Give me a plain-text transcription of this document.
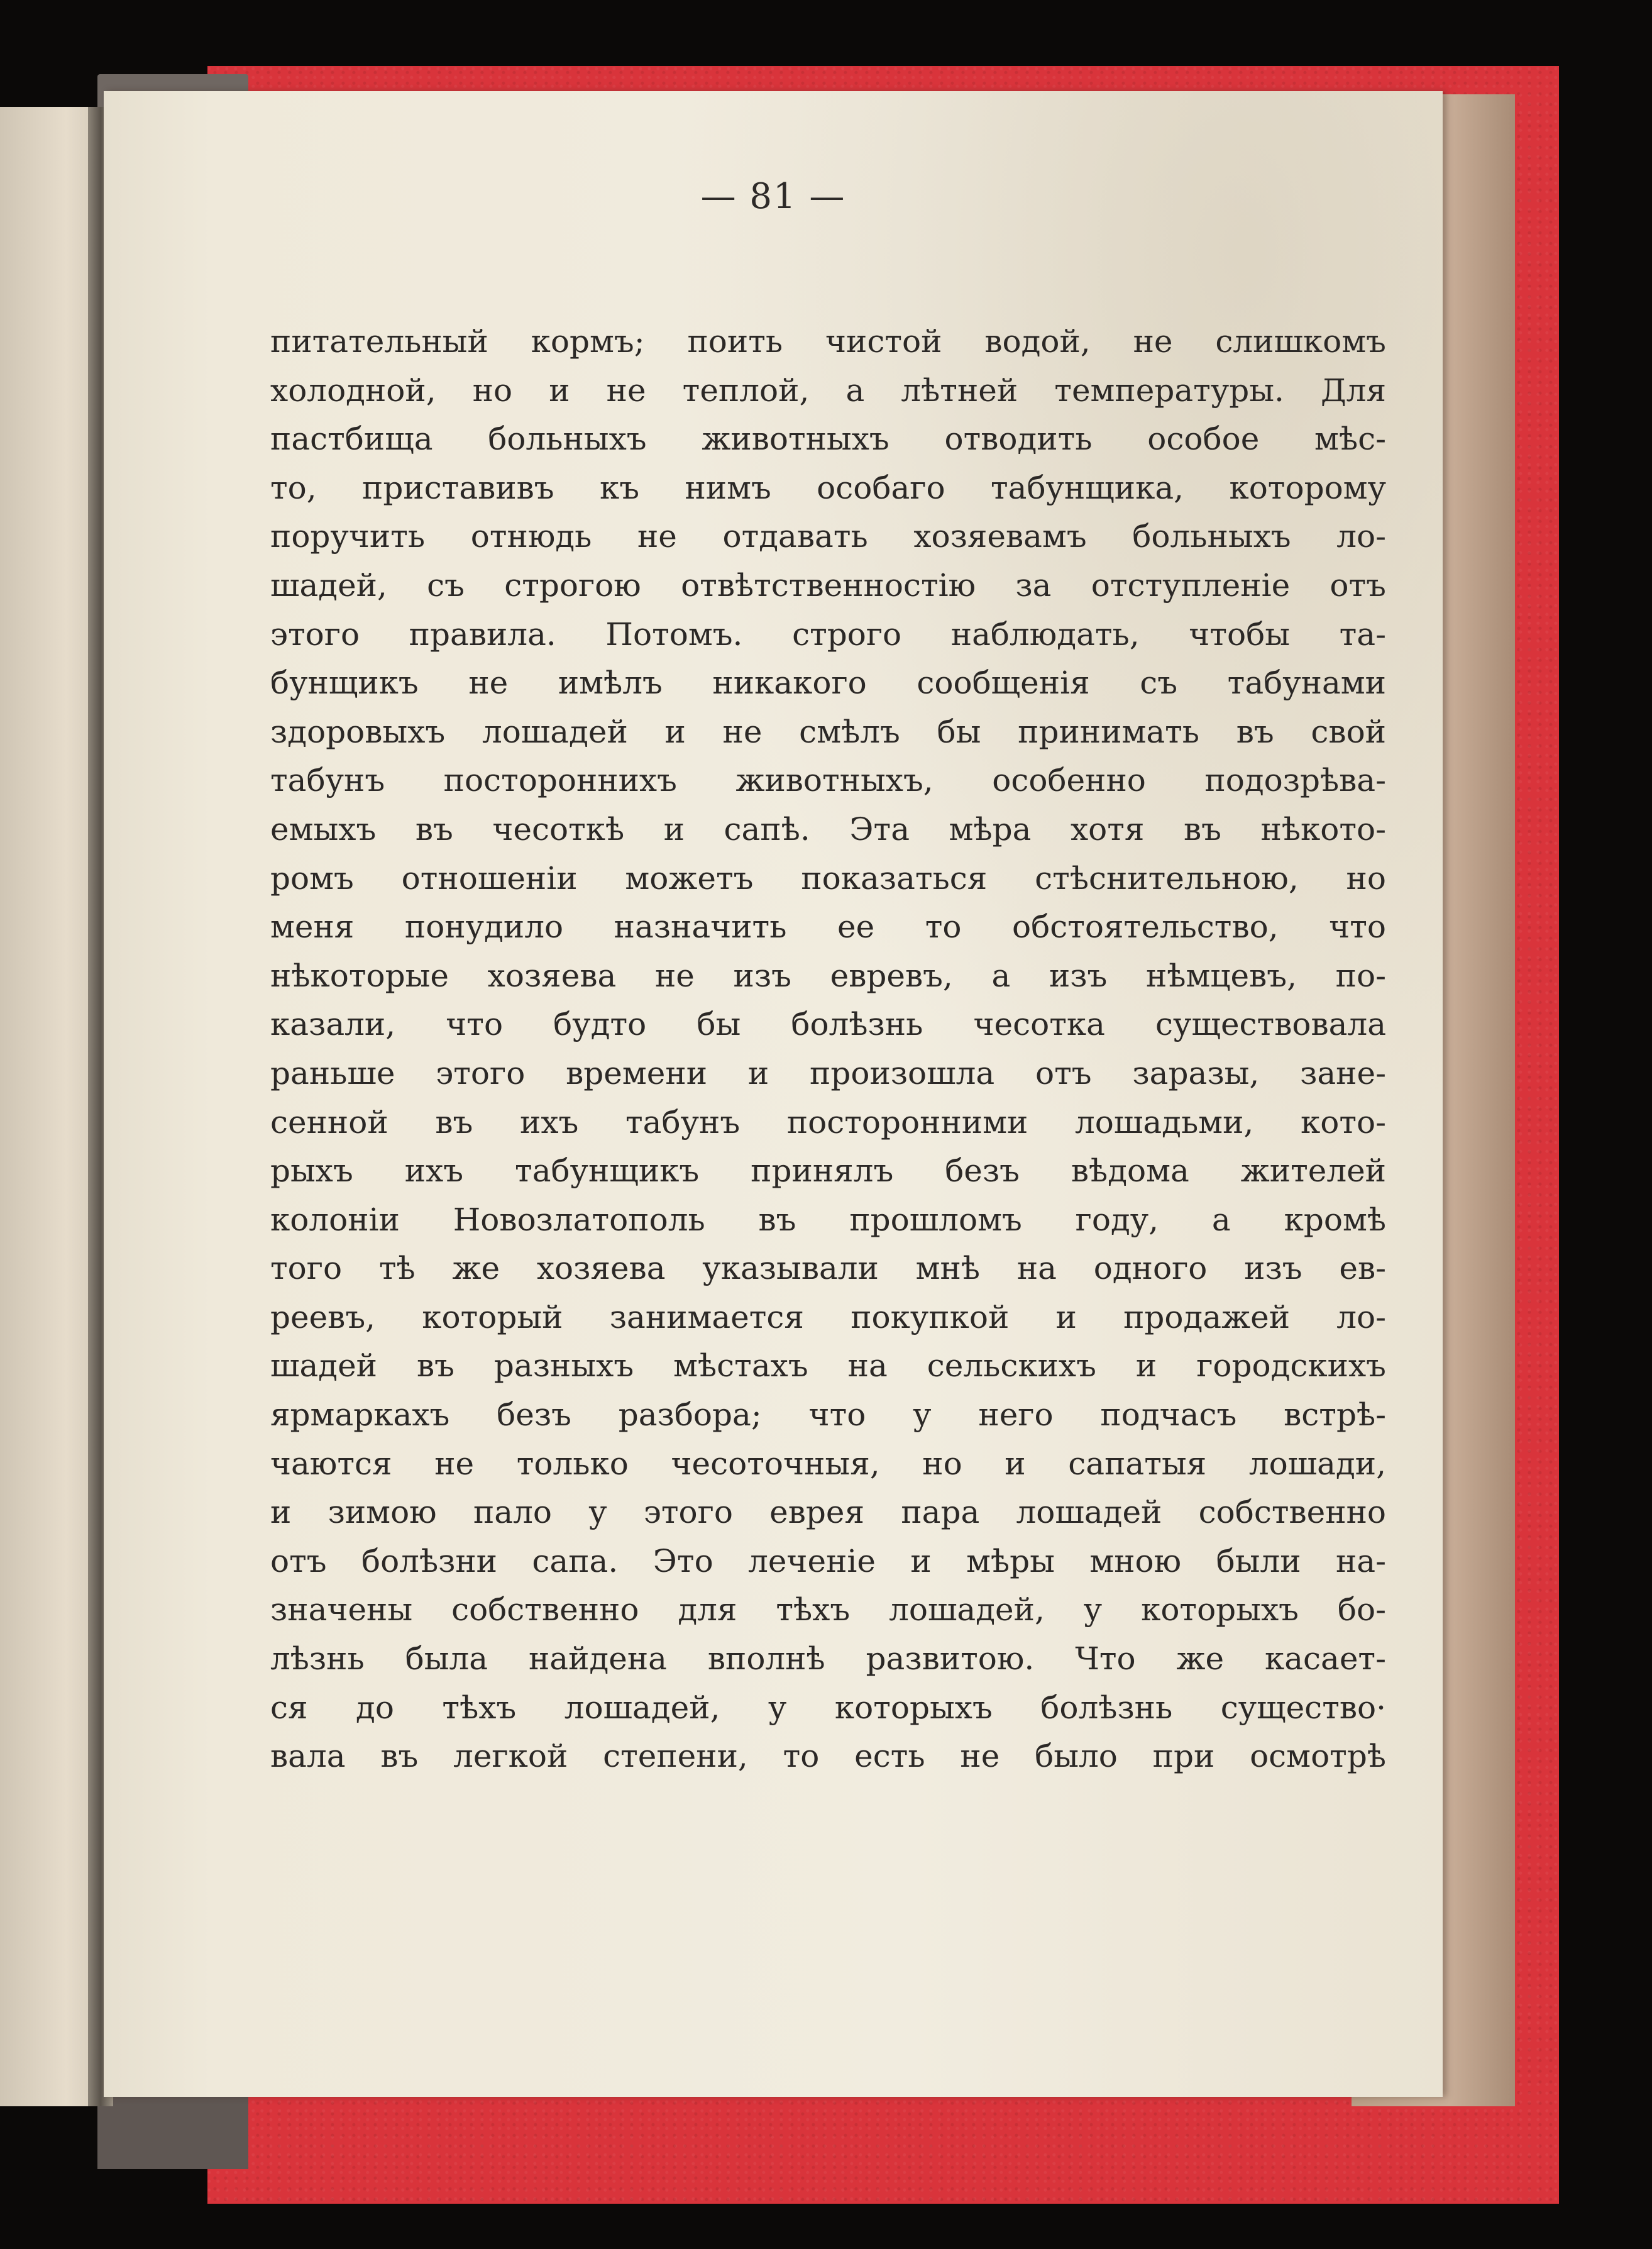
— 81 —
питательный кормъ; поить чистой водой, не слишкомъ
холодной, но и не теплой, а лѣтней температуры. Для
пастбища больныхъ животныхъ отводить особое мѣс-
то, приставивъ къ нимъ особаго табунщика, которому
поручить отнюдь не отдавать хозяевамъ больныхъ ло-
шадей, съ строгою отвѣтственностію за отступленіе отъ
этого правила. Потомъ. строго наблюдать, чтобы та-
бунщикъ не имѣлъ никакого сообщенія съ табунами
здоровыхъ лошадей и не смѣлъ бы принимать въ свой
табунъ постороннихъ животныхъ, особенно подозрѣва-
емыхъ въ чесоткѣ и сапѣ. Эта мѣра хотя въ нѣкото-
ромъ отношеніи можетъ показаться стѣснительною, но
меня понудило назначить ее то обстоятельство, что
нѣкоторые хозяева не изъ евревъ, а изъ нѣмцевъ, по-
казали, что будто бы болѣзнь чесотка существовала
раньше этого времени и произошла отъ заразы, зане-
сенной въ ихъ табунъ посторонними лошадьми, кото-
рыхъ ихъ табунщикъ принялъ безъ вѣдома жителей
колоніи Новозлатополь въ прошломъ году, а кромѣ
того тѣ же хозяева указывали мнѣ на одного изъ ев-
реевъ, который занимается покупкой и продажей ло-
шадей въ разныхъ мѣстахъ на сельскихъ и городскихъ
ярмаркахъ безъ разбора; что у него подчасъ встрѣ-
чаются не только чесоточныя, но и сапатыя лошади,
и зимою пало у этого еврея пара лошадей собственно
отъ болѣзни сапа. Это леченіе и мѣры мною были на-
значены собственно для тѣхъ лошадей, у которыхъ бо-
лѣзнь была найдена вполнѣ развитою. Что же касает-
ся до тѣхъ лошадей, у которыхъ болѣзнь существо·
вала въ легкой степени, то есть не было при осмотрѣ
